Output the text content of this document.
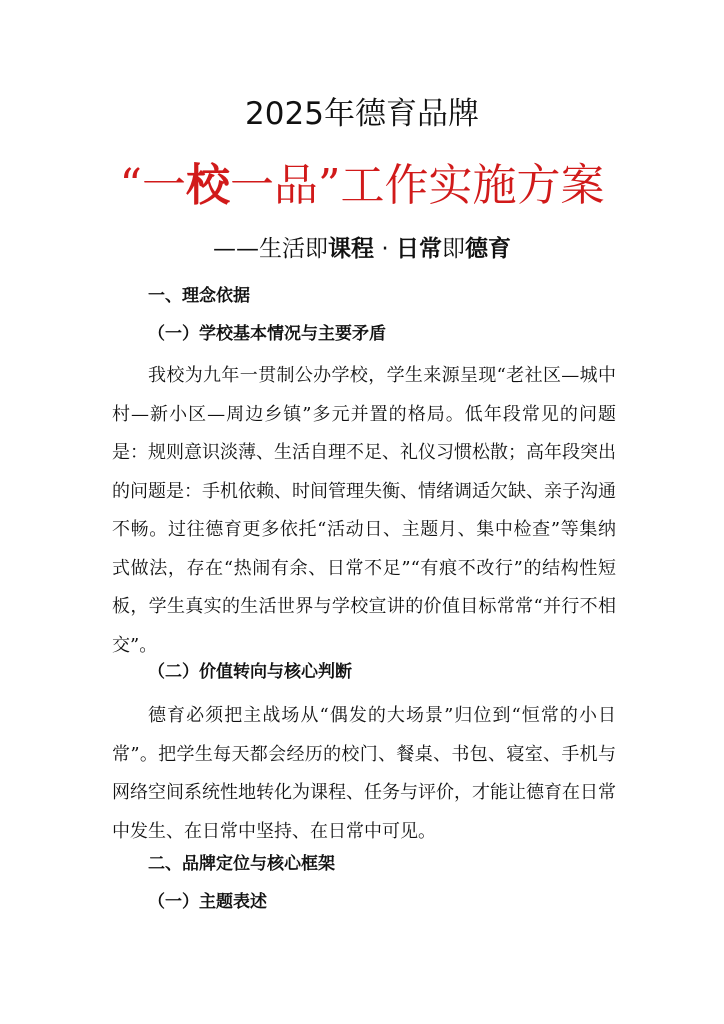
2025年德育品牌
“一校一品”工作实施方案
——生活即课程 · 日常即德育
一、理念依据
（一）学校基本情况与主要矛盾
我校为九年一贯制公办学校，学生来源呈现“老社区—城中村—新小区—周边乡镇”多元并置的格局。低年段常见的问题是：规则意识淡薄、生活自理不足、礼仪习惯松散；高年段突出的问题是：手机依赖、时间管理失衡、情绪调适欠缺、亲子沟通不畅。过往德育更多依托“活动日、主题月、集中检查”等集纳式做法，存在“热闹有余、日常不足”“有痕不改行”的结构性短板，学生真实的生活世界与学校宣讲的价值目标常常“并行不相交”。
（二）价值转向与核心判断
德育必须把主战场从“偶发的大场景”归位到“恒常的小日常”。把学生每天都会经历的校门、餐桌、书包、寝室、手机与网络空间系统性地转化为课程、任务与评价，才能让德育在日常中发生、在日常中坚持、在日常中可见。
二、品牌定位与核心框架
（一）主题表述
